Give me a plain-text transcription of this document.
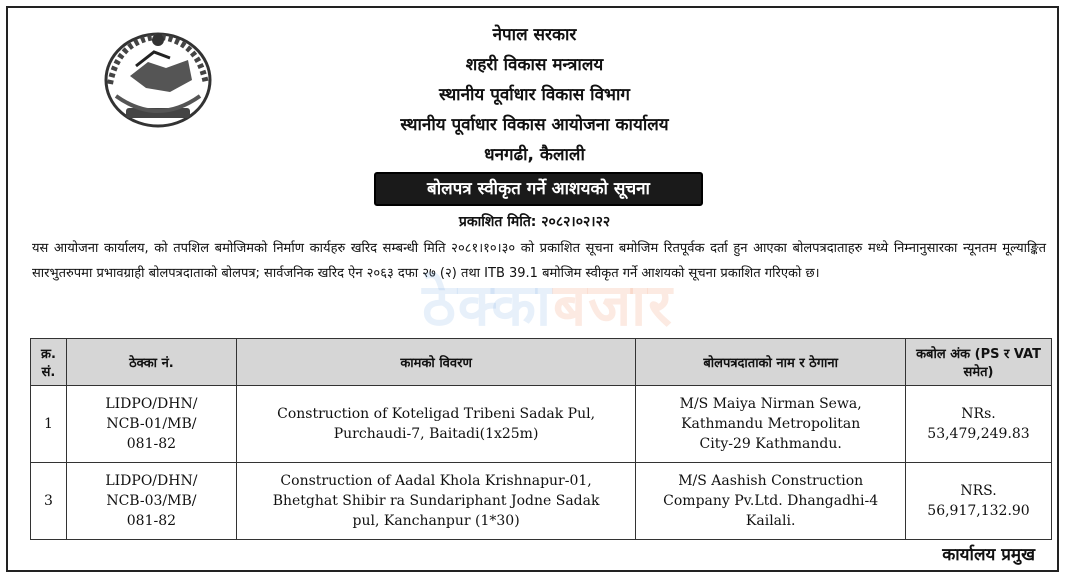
नेपाल सरकार
शहरी विकास मन्त्रालय
स्थानीय पूर्वाधार विकास विभाग
स्थानीय पूर्वाधार विकास आयोजना कार्यालय
धनगढी, कैलाली
बोलपत्र स्वीकृत गर्ने आशयको सूचना
प्रकाशित मिति: २०८२।०२।२२
यस आयोजना कार्यालय, को तपशिल बमोजिमको निर्माण कार्यहरु खरिद सम्बन्धी मिति २०८१।१०।३० को प्रकाशित सूचना बमोजिम रितपूर्वक दर्ता हुन आएका बोलपत्रदाताहरु मध्ये निम्नानुसारका न्यूनतम मूल्याङ्कित सारभुतरुपमा प्रभावग्राही बोलपत्रदाताको बोलपत्र; सार्वजनिक खरिद ऐन २०६३ दफा २७ (२) तथा ITB 39.1 बमोजिम स्वीकृत गर्ने आशयको सूचना प्रकाशित गरिएको छ।
ठेक्काबजार
क्र. सं.	ठेक्का नं.	कामको विवरण	बोलपत्रदाताको नाम र ठेगाना	कबोल अंक (PS र VAT समेत)
1	LIDPO/DHN/
NCB-01/MB/
081-82	Construction of Koteligad Tribeni Sadak Pul,
Purchaudi-7, Baitadi(1x25m)	M/S Maiya Nirman Sewa,
Kathmandu Metropolitan
City-29 Kathmandu.	NRs.
53,479,249.83

3	LIDPO/DHN/
NCB-03/MB/
081-82	Construction of Aadal Khola Krishnapur-01,
Bhetghat Shibir ra Sundariphant Jodne Sadak
pul, Kanchanpur (1*30)	M/S Aashish Construction
Company Pv.Ltd. Dhangadhi-4
Kailali.	NRS.
56,917,132.90
कार्यालय प्रमुख
